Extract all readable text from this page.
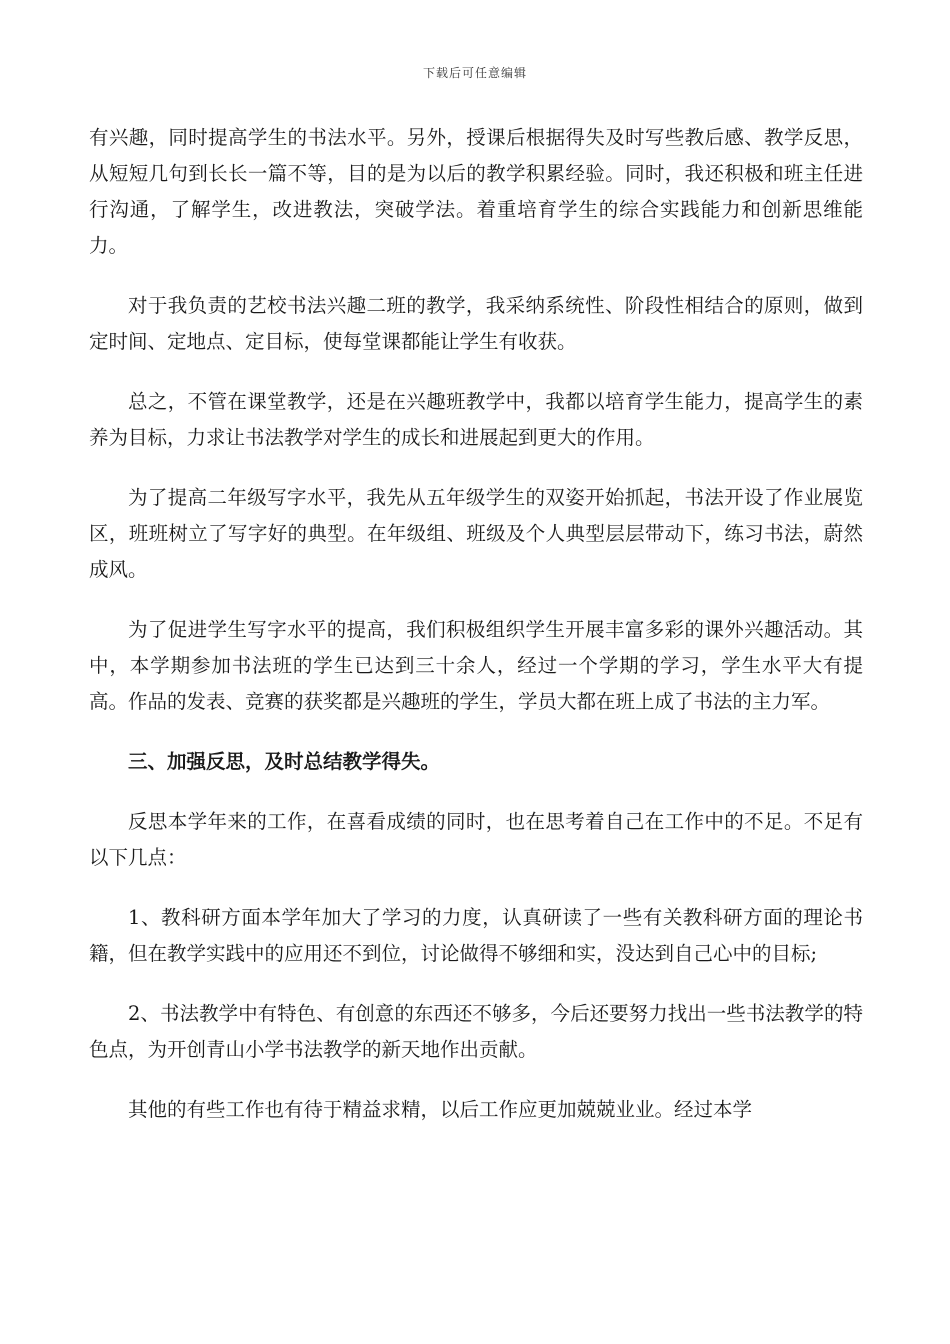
下载后可任意编辑

有兴趣，同时提高学生的书法水平。另外，授课后根据得失及时写些教后感、教学反思，从短短几句到长长一篇不等，目的是为以后的教学积累经验。同时，我还积极和班主任进行沟通，了解学生，改进教法，突破学法。着重培育学生的综合实践能力和创新思维能力。

对于我负责的艺校书法兴趣二班的教学，我采纳系统性、阶段性相结合的原则，做到定时间、定地点、定目标，使每堂课都能让学生有收获。

总之，不管在课堂教学，还是在兴趣班教学中，我都以培育学生能力，提高学生的素养为目标，力求让书法教学对学生的成长和进展起到更大的作用。

为了提高二年级写字水平，我先从五年级学生的双姿开始抓起，书法开设了作业展览区，班班树立了写字好的典型。在年级组、班级及个人典型层层带动下，练习书法，蔚然成风。

为了促进学生写字水平的提高，我们积极组织学生开展丰富多彩的课外兴趣活动。其中，本学期参加书法班的学生已达到三十余人，经过一个学期的学习，学生水平大有提高。作品的发表、竞赛的获奖都是兴趣班的学生，学员大都在班上成了书法的主力军。

三、加强反思，及时总结教学得失。

反思本学年来的工作，在喜看成绩的同时，也在思考着自己在工作中的不足。不足有以下几点：

1、教科研方面本学年加大了学习的力度，认真研读了一些有关教科研方面的理论书籍，但在教学实践中的应用还不到位，讨论做得不够细和实，没达到自己心中的目标;

2、书法教学中有特色、有创意的东西还不够多，今后还要努力找出一些书法教学的特色点，为开创青山小学书法教学的新天地作出贡献。

其他的有些工作也有待于精益求精，以后工作应更加兢兢业业。经过本学
